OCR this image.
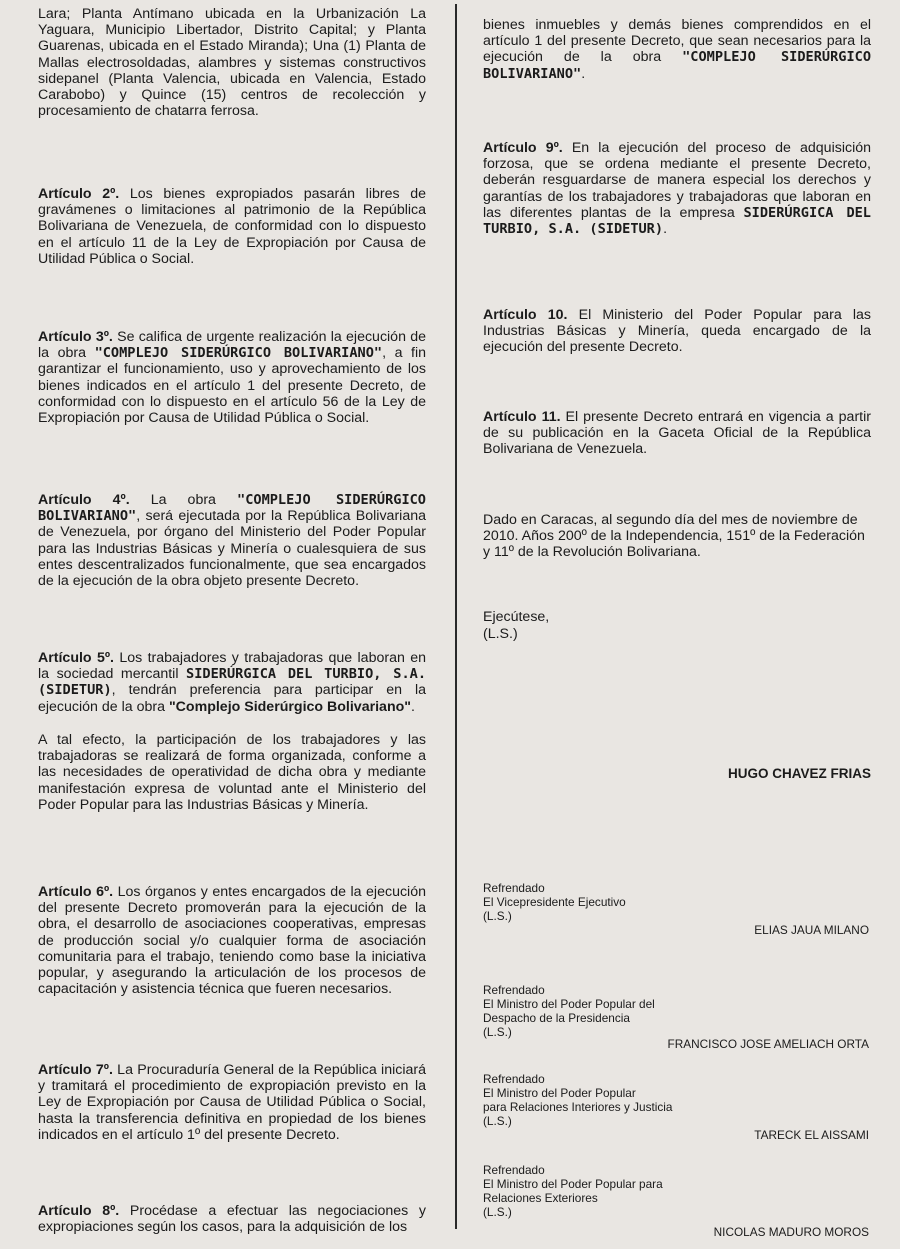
Lara; Planta Antímano ubicada en la Urbanización La Yaguara, Municipio Libertador, Distrito Capital; y Planta Guarenas, ubicada en el Estado Miranda); Una (1) Planta de Mallas electrosoldadas, alambres y sistemas constructivos sidepanel (Planta Valencia, ubicada en Valencia, Estado Carabobo) y Quince (15) centros de recolección y procesamiento de chatarra ferrosa.

Artículo 2º. Los bienes expropiados pasarán libres de gravámenes o limitaciones al patrimonio de la República Bolivariana de Venezuela, de conformidad con lo dispuesto en el artículo 11 de la Ley de Expropiación por Causa de Utilidad Pública o Social.

Artículo 3º. Se califica de urgente realización la ejecución de la obra "COMPLEJO SIDERÚRGICO BOLIVARIANO", a fin garantizar el funcionamiento, uso y aprovechamiento de los bienes indicados en el artículo 1 del presente Decreto, de conformidad con lo dispuesto en el artículo 56 de la Ley de Expropiación por Causa de Utilidad Pública o Social.

Artículo 4º. La obra "COMPLEJO SIDERÚRGICO BOLIVARIANO", será ejecutada por la República Bolivariana de Venezuela, por órgano del Ministerio del Poder Popular para las Industrias Básicas y Minería o cualesquiera de sus entes descentralizados funcionalmente, que sea encargados de la ejecución de la obra objeto presente Decreto.

Artículo 5º. Los trabajadores y trabajadoras que laboran en la sociedad mercantil SIDERÚRGICA DEL TURBIO, S.A. (SIDETUR), tendrán preferencia para participar en la ejecución de la obra "Complejo Siderúrgico Bolivariano".

A tal efecto, la participación de los trabajadores y las trabajadoras se realizará de forma organizada, conforme a las necesidades de operatividad de dicha obra y mediante manifestación expresa de voluntad ante el Ministerio del Poder Popular para las Industrias Básicas y Minería.

Artículo 6º. Los órganos y entes encargados de la ejecución del presente Decreto promoverán para la ejecución de la obra, el desarrollo de asociaciones cooperativas, empresas de producción social y/o cualquier forma de asociación comunitaria para el trabajo, teniendo como base la iniciativa popular, y asegurando la articulación de los procesos de capacitación y asistencia técnica que fueren necesarios.

Artículo 7º. La Procuraduría General de la República iniciará y tramitará el procedimiento de expropiación previsto en la Ley de Expropiación por Causa de Utilidad Pública o Social, hasta la transferencia definitiva en propiedad de los bienes indicados en el artículo 1º del presente Decreto.

Artículo 8º. Procédase a efectuar las negociaciones y expropiaciones según los casos, para la adquisición de los

bienes inmuebles y demás bienes comprendidos en el artículo 1 del presente Decreto, que sean necesarios para la ejecución de la obra "COMPLEJO SIDERÚRGICO BOLIVARIANO".

Artículo 9º. En la ejecución del proceso de adquisición forzosa, que se ordena mediante el presente Decreto, deberán resguardarse de manera especial los derechos y garantías de los trabajadores y trabajadoras que laboran en las diferentes plantas de la empresa SIDERÚRGICA DEL TURBIO, S.A. (SIDETUR).

Artículo 10. El Ministerio del Poder Popular para las Industrias Básicas y Minería, queda encargado de la ejecución del presente Decreto.

Artículo 11. El presente Decreto entrará en vigencia a partir de su publicación en la Gaceta Oficial de la República Bolivariana de Venezuela.

Dado en Caracas, al segundo día del mes de noviembre de 2010. Años 200º de la Independencia, 151º de la Federación y 11º de la Revolución Bolivariana.

Ejecútese,

(L.S.)

HUGO CHAVEZ FRIAS
Refrendado
El Vicepresidente Ejecutivo
(L.S.)
ELIAS JAUA MILANO
Refrendado
El Ministro del Poder Popular del
Despacho de la Presidencia
(L.S.)
FRANCISCO JOSE AMELIACH ORTA
Refrendado
El Ministro del Poder Popular
para Relaciones Interiores y Justicia
(L.S.)
TARECK EL AISSAMI
Refrendado
El Ministro del Poder Popular para
Relaciones Exteriores
(L.S.)
NICOLAS MADURO MOROS
